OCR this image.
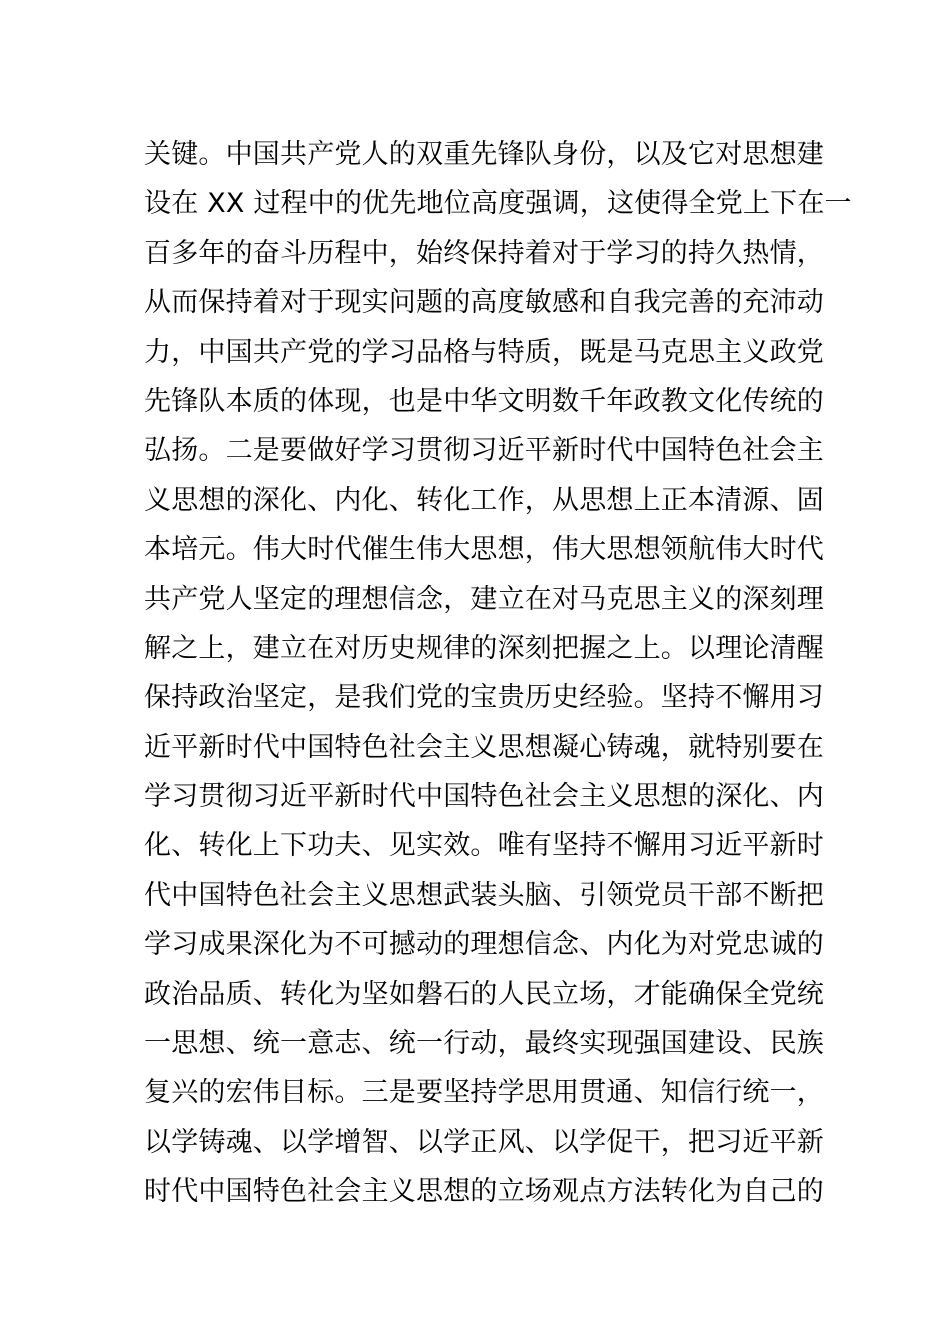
关键。中国共产党人的双重先锋队身份，以及它对思想建
设在 XX 过程中的优先地位高度强调，这使得全党上下在一
百多年的奋斗历程中，始终保持着对于学习的持久热情，
从而保持着对于现实问题的高度敏感和自我完善的充沛动
力，中国共产党的学习品格与特质，既是马克思主义政党
先锋队本质的体现，也是中华文明数千年政教文化传统的
弘扬。二是要做好学习贯彻习近平新时代中国特色社会主
义思想的深化、内化、转化工作，从思想上正本清源、固
本培元。伟大时代催生伟大思想，伟大思想领航伟大时代
共产党人坚定的理想信念，建立在对马克思主义的深刻理
解之上，建立在对历史规律的深刻把握之上。以理论清醒
保持政治坚定，是我们党的宝贵历史经验。坚持不懈用习
近平新时代中国特色社会主义思想凝心铸魂，就特别要在
学习贯彻习近平新时代中国特色社会主义思想的深化、内
化、转化上下功夫、见实效。唯有坚持不懈用习近平新时
代中国特色社会主义思想武装头脑、引领党员干部不断把
学习成果深化为不可撼动的理想信念、内化为对党忠诚的
政治品质、转化为坚如磐石的人民立场，才能确保全党统
一思想、统一意志、统一行动，最终实现强国建设、民族
复兴的宏伟目标。三是要坚持学思用贯通、知信行统一，
以学铸魂、以学增智、以学正风、以学促干，把习近平新
时代中国特色社会主义思想的立场观点方法转化为自己的
